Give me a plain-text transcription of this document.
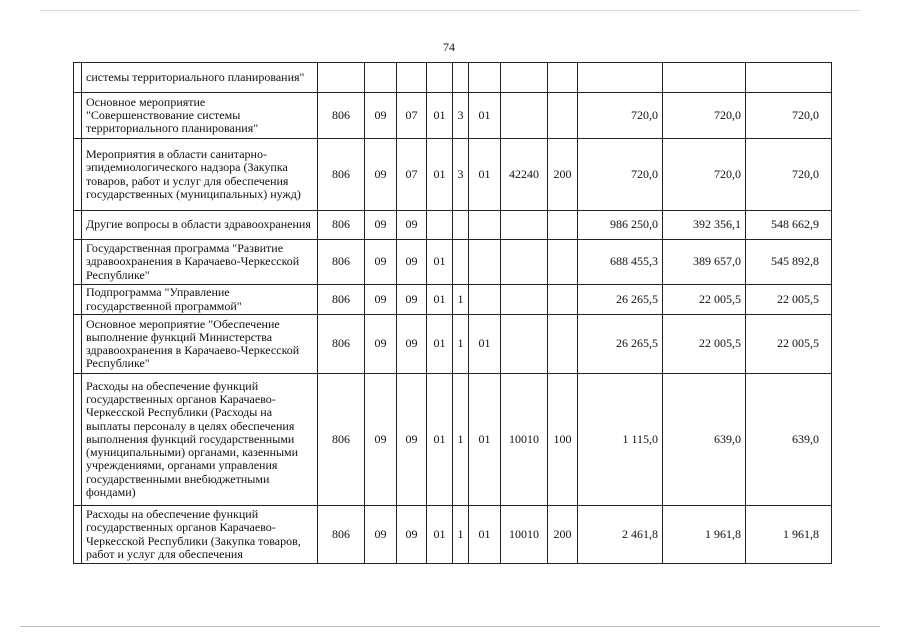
74
	системы территориального планирования"											
	Основное мероприятие "Совершенствование системы территориального планирования"	806	09	07	01	3	01			720,0	720,0	720,0
	Мероприятия в области санитарно-эпидемиологического надзора (Закупка товаров, работ и услуг для обеспечения государственных (муниципальных) нужд)	806	09	07	01	3	01	42240	200	720,0	720,0	720,0
	Другие вопросы в области здравоохранения	806	09	09						986 250,0	392 356,1	548 662,9
	Государственная программа "Развитие здравоохранения в Карачаево-Черкесской Республике"	806	09	09	01					688 455,3	389 657,0	545 892,8
	Подпрограмма "Управление государственной программой"	806	09	09	01	1				26 265,5	22 005,5	22 005,5
	Основное мероприятие "Обеспечение выполнение функций Министерства здравоохранения в Карачаево-Черкесской Республике"	806	09	09	01	1	01			26 265,5	22 005,5	22 005,5
	Расходы на обеспечение функций государственных органов Карачаево-Черкесской Республики (Расходы на выплаты персоналу в целях обеспечения выполнения функций государственными (муниципальными) органами, казенными учреждениями, органами управления государственными внебюджетными фондами)	806	09	09	01	1	01	10010	100	1 115,0	639,0	639,0
	Расходы на обеспечение функций государственных органов Карачаево-Черкесской Республики (Закупка товаров, работ и услуг для обеспечения	806	09	09	01	1	01	10010	200	2 461,8	1 961,8	1 961,8
